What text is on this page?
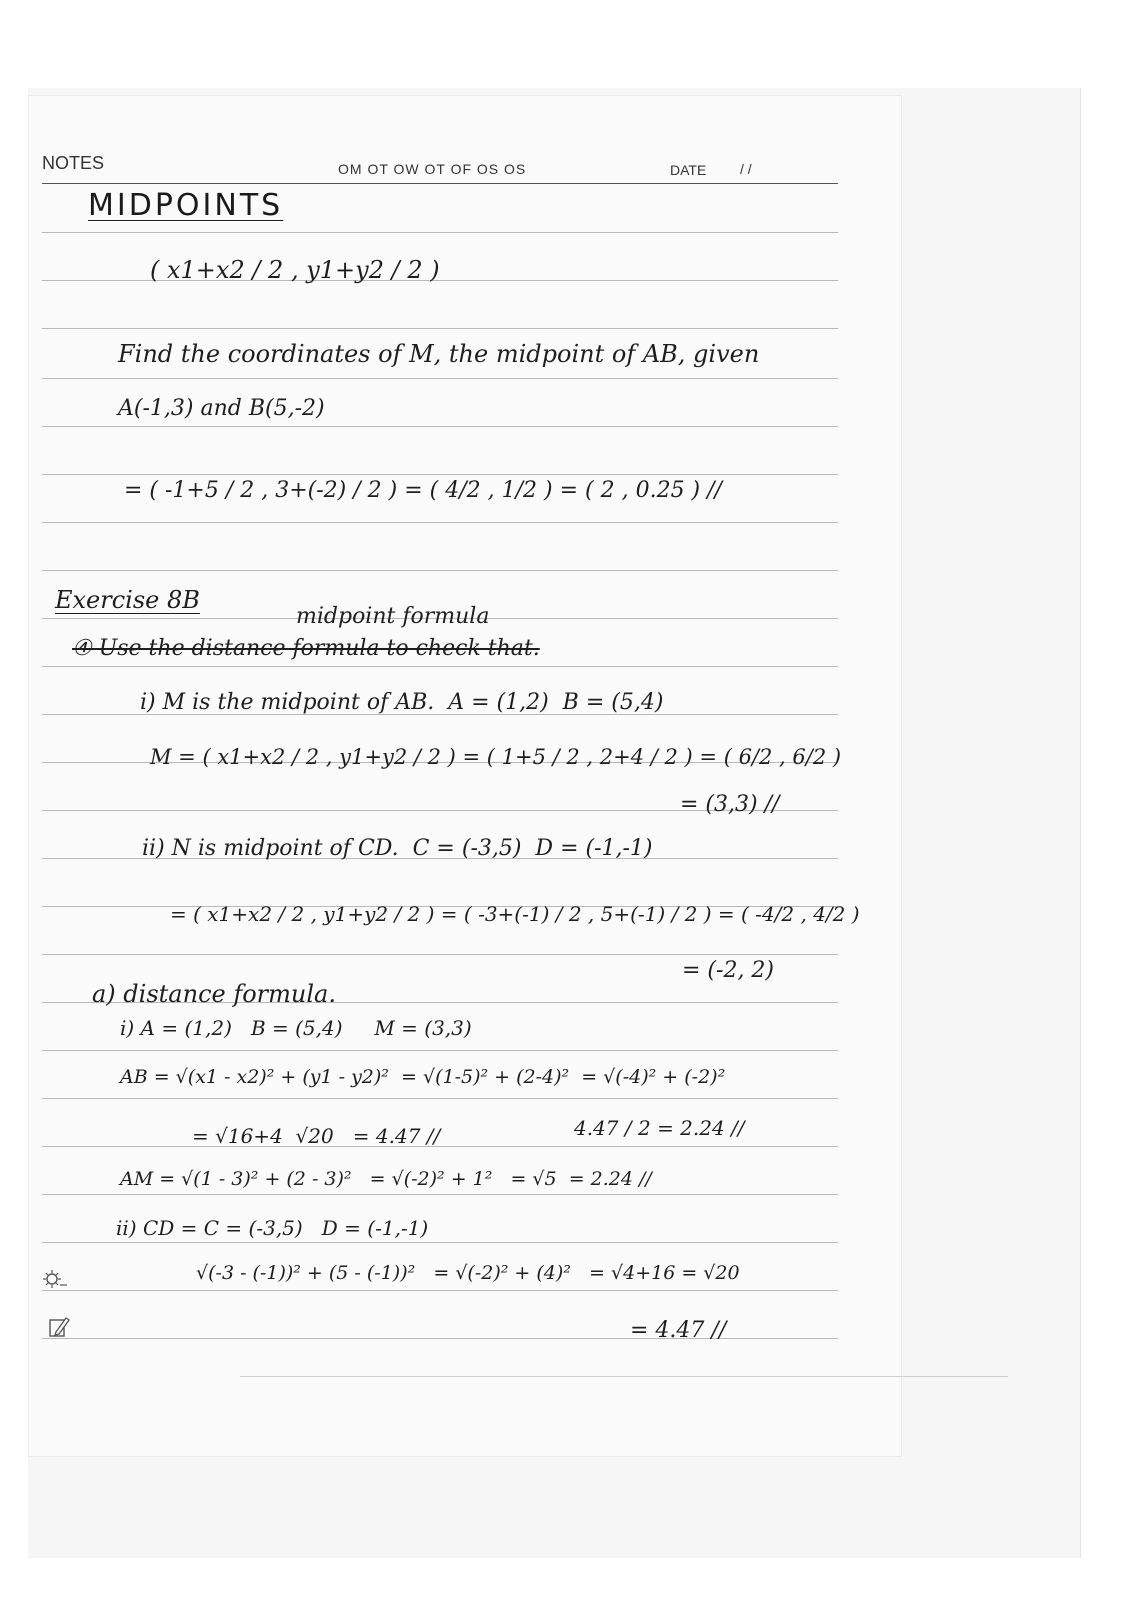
NOTES	OM OT OW OT OF OS OS	DATE / /
MIDPOINTS
( x1+x2 / 2 , y1+y2 / 2 )
Find the coordinates of M, the midpoint of AB, given
A(-1,3) and B(5,-2)
= ( -1+5 / 2 , 3+(-2) / 2 ) = ( 4/2 , 1/2 ) = ( 2 , 0.25 ) //
Exercise 8B
midpoint formula
④ Use the distance formula to check that.
i) M is the midpoint of AB.  A = (1,2)  B = (5,4)
M = ( x1+x2 / 2 , y1+y2 / 2 ) = ( 1+5 / 2 , 2+4 / 2 ) = ( 6/2 , 6/2 )
= (3,3) //
ii) N is midpoint of CD.  C = (-3,5)  D = (-1,-1)
= ( x1+x2 / 2 , y1+y2 / 2 ) = ( -3+(-1) / 2 , 5+(-1) / 2 ) = ( -4/2 , 4/2 )
= (-2, 2)
a) distance formula.
i) A = (1,2)   B = (5,4)     M = (3,3)
AB = √(x1 - x2)² + (y1 - y2)²  = √(1-5)² + (2-4)²  = √(-4)² + (-2)²
= √16+4  √20   = 4.47 //	4.47 / 2 = 2.24 //
AM = √(1 - 3)² + (2 - 3)²   = √(-2)² + 1²   = √5  = 2.24 //
ii) CD = C = (-3,5)   D = (-1,-1)
√(-3 - (-1))² + (5 - (-1))²   = √(-2)² + (4)²   = √4+16 = √20
= 4.47 //
